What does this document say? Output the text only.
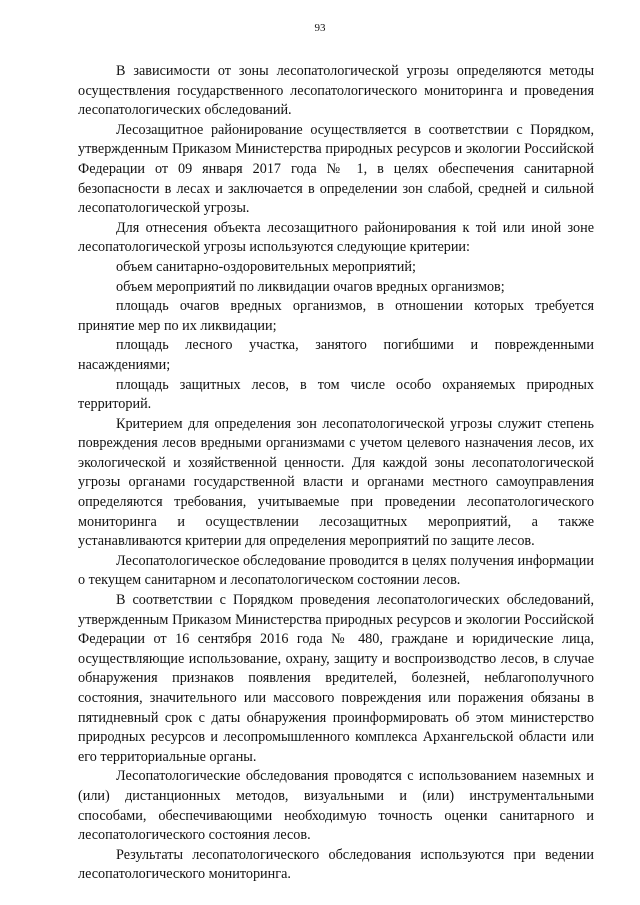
93

В зависимости от зоны лесопатологической угрозы определяются методы осуществления государственного лесопатологического мониторинга и проведения лесопатологических обследований.

Лесозащитное районирование осуществляется в соответствии с Порядком, утвержденным Приказом Министерства природных ресурсов и экологии Российской Федерации от 09 января 2017 года № 1, в целях обеспечения санитарной безопасности в лесах и заключается в определении зон слабой, средней и сильной лесопатологической угрозы.

Для отнесения объекта лесозащитного районирования к той или иной зоне лесопатологической угрозы используются следующие критерии:

объем санитарно-оздоровительных мероприятий;

объем мероприятий по ликвидации очагов вредных организмов;

площадь очагов вредных организмов, в отношении которых требуется принятие мер по их ликвидации;

площадь лесного участка, занятого погибшими и поврежденными насаждениями;

площадь защитных лесов, в том числе особо охраняемых природных территорий.

Критерием для определения зон лесопатологической угрозы служит степень повреждения лесов вредными организмами с учетом целевого назначения лесов, их экологической и хозяйственной ценности. Для каждой зоны лесопатологической угрозы органами государственной власти и органами местного самоуправления определяются требования, учитываемые при проведении лесопатологического мониторинга и осуществлении лесозащитных мероприятий, а также устанавливаются критерии для определения мероприятий по защите лесов.

Лесопатологическое обследование проводится в целях получения информации о текущем санитарном и лесопатологическом состоянии лесов.

В соответствии с Порядком проведения лесопатологических обследований, утвержденным Приказом Министерства природных ресурсов и экологии Российской Федерации от 16 сентября 2016 года № 480, граждане и юридические лица, осуществляющие использование, охрану, защиту и воспроизводство лесов, в случае обнаружения признаков появления вредителей, болезней, неблагополучного состояния, значительного или массового повреждения или поражения обязаны в пятидневный срок с даты обнаружения проинформировать об этом министерство природных ресурсов и лесопромышленного комплекса Архангельской области или его территориальные органы.

Лесопатологические обследования проводятся с использованием наземных и (или) дистанционных методов, визуальными и (или) инструментальными способами, обеспечивающими необходимую точность оценки санитарного и лесопатологического состояния лесов.

Результаты лесопатологического обследования используются при ведении лесопатологического мониторинга.
